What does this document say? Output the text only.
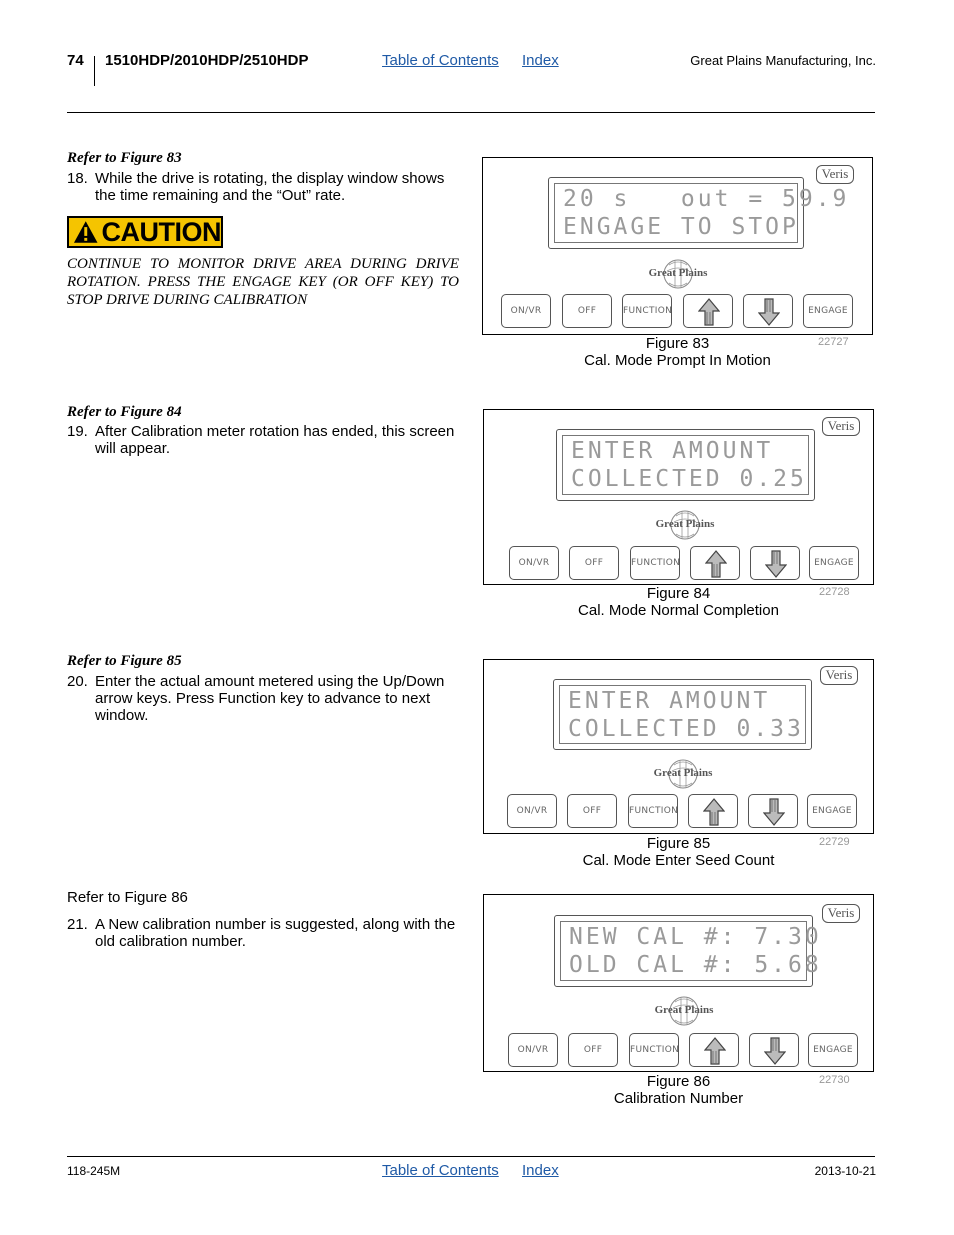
74 1510HDP/2010HDP/2510HDP	Table of Contents Index	Great Plains Manufacturing, Inc.
Refer to Figure 83
18. While the drive is rotating, the display window shows the time remaining and the “Out” rate.
CAUTION
CONTINUE TO MONITOR DRIVE AREA DURING DRIVE ROTATION. PRESS THE ENGAGE KEY (OR OFF KEY) TO STOP DRIVE DURING CALIBRATION
Refer to Figure 84
19. After Calibration meter rotation has ended, this screen will appear.
Refer to Figure 85
20. Enter the actual amount metered using the Up/Down arrow keys. Press Function key to advance to next window.
Refer to Figure 86
21. A New calibration number is suggested, along with the old calibration number.
20 s   out = 59.9
ENGAGE TO STOP
Veris
Great Plains
ON/VR	OFF	FUNCTION	ENGAGE
Figure 83
Cal. Mode Prompt In Motion
22727
ENTER AMOUNT
COLLECTED 0.25
Veris
Great Plains
ON/VR	OFF	FUNCTION	ENGAGE
Figure 84
Cal. Mode Normal Completion
22728
ENTER AMOUNT
COLLECTED 0.33
Veris
Great Plains
ON/VR	OFF	FUNCTION	ENGAGE
Figure 85
Cal. Mode Enter Seed Count
22729
NEW CAL #: 7.30
OLD CAL #: 5.68
Veris
Great Plains
ON/VR	OFF	FUNCTION	ENGAGE
Figure 86
Calibration Number
22730
118-245M	Table of Contents Index	2013-10-21
